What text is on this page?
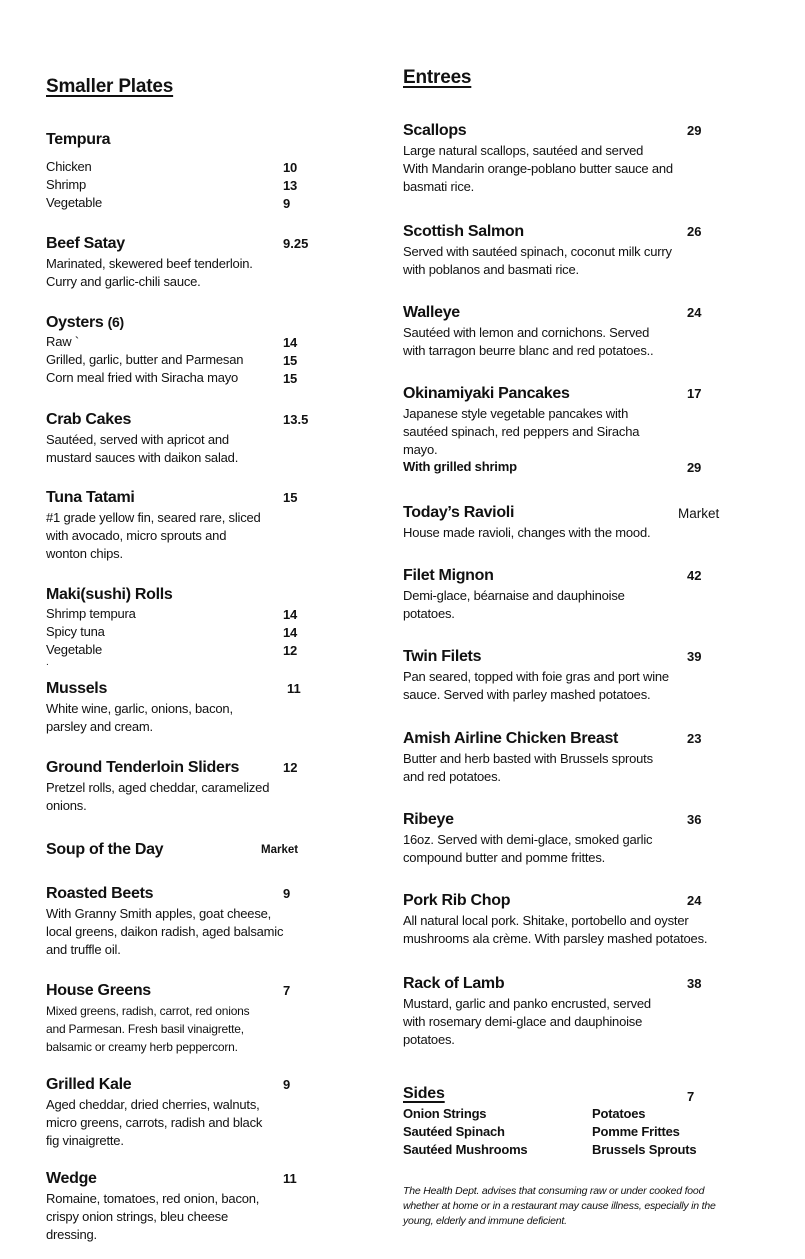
Smaller Plates
Tempura
Chicken	10
Shrimp	13
Vegetable	9
Beef Satay	9.25
Marinated, skewered beef tenderloin.
Curry and garlic-chili sauce.
Oysters (6)
Raw `	14
Grilled, garlic, butter and Parmesan	15
Corn meal fried with Siracha mayo	15
Crab Cakes	13.5
Sautéed, served with apricot and
mustard sauces with daikon salad.
Tuna Tatami	15
#1 grade yellow fin, seared rare, sliced
with avocado, micro sprouts and
wonton chips.
Maki(sushi) Rolls
Shrimp tempura	14
Spicy tuna	14
Vegetable	12
.
Mussels	11
White wine, garlic, onions, bacon,
parsley and cream.
Ground Tenderloin Sliders	12
Pretzel rolls, aged cheddar, caramelized
onions.
Soup of the Day	Market
Roasted Beets	9
With Granny Smith apples, goat cheese,
local greens, daikon radish, aged balsamic
and truffle oil.
House Greens	7
Mixed greens, radish, carrot, red onions
and Parmesan. Fresh basil vinaigrette,
balsamic or creamy herb peppercorn.
Grilled Kale	9
Aged cheddar, dried cherries, walnuts,
micro greens, carrots, radish and black
fig vinaigrette.
Wedge	11
Romaine, tomatoes, red onion, bacon,
crispy onion strings, bleu cheese
dressing.
Entrees
Scallops	29
Large natural scallops, sautéed and served
With Mandarin orange-poblano butter sauce and
basmati rice.
Scottish Salmon	26
Served with sautéed spinach, coconut milk curry
with poblanos and basmati rice.
Walleye	24
Sautéed with lemon and cornichons. Served
with tarragon beurre blanc and red potatoes..
Okinamiyaki Pancakes	17
Japanese style vegetable pancakes with
sautéed spinach, red peppers and Siracha
mayo.
With grilled shrimp	29
Today’s Ravioli	Market
House made ravioli, changes with the mood.
Filet Mignon	42
Demi-glace, béarnaise and dauphinoise
potatoes.
Twin Filets	39
Pan seared, topped with foie gras and port wine
sauce. Served with parley mashed potatoes.
Amish Airline Chicken Breast	23
Butter and herb basted with Brussels sprouts
and red potatoes.
Ribeye	36
16oz. Served with demi-glace, smoked garlic
compound butter and pomme frittes.
Pork Rib Chop	24
All natural local pork. Shitake, portobello and oyster
mushrooms ala crème. With parsley mashed potatoes.
Rack of Lamb	38
Mustard, garlic and panko encrusted, served
with rosemary demi-glace and dauphinoise
potatoes.
Sides	7
Onion Strings
Sautéed Spinach
Sautéed Mushrooms
Potatoes
Pomme Frittes
Brussels Sprouts
The Health Dept. advises that consuming raw or under cooked food
whether at home or in a restaurant may cause illness, especially in the
young, elderly and immune deficient.
